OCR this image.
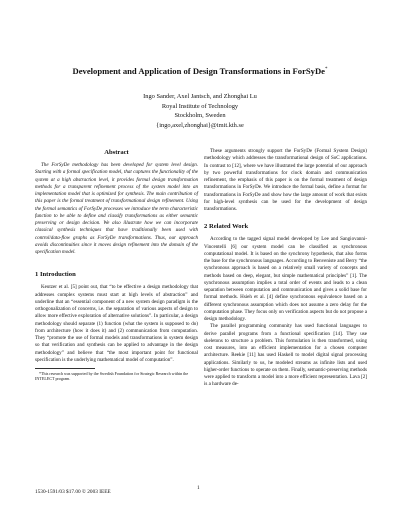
Development and Application of Design Transformations in ForSyDe*
Ingo Sander, Axel Jantsch, and Zhonghai Lu
Royal Institute of Technology
Stockholm, Sweden
{ingo,axel,zhonghai}@imit.kth.se
Abstract

The ForSyDe methodology has been developed for system level design. Starting with a formal specification model, that captures the functionality of the system at a high abstraction level, it provides formal design transformation methods for a transparent refinement process of the system model into an implementation model that is optimized for synthesis. The main contribution of this paper is the formal treatment of transformational design refinement. Using the formal semantics of ForSyDe processes we introduce the term characteristic function to be able to define and classify transformations as either semantic preserving or design decision. We also illustrate how we can incorporate classical synthesis techniques that have traditionally been used with control/data-flow graphs as ForSyDe transformations. Thus, our approach avoids discontinuities since it moves design refinement into the domain of the specification model.

1 Introduction

Keutzer et al. [5] point out, that “to be effective a design methodology that addresses complex systems must start at high levels of abstraction” and underline that an “essential component of a new system design paradigm is the orthogonalization of concerns, i.e. the separation of various aspects of design to allow more effective exploration of alternative solutions”. In particular, a design methodology should separate (1) function (what the system is supposed to do) from architecture (how it does it) and (2) communication from computation. They “promote the use of formal models and transformations in system design so that verification and synthesis can be applied to advantage in the design methodology” and believe that “the most important point for functional specification is the underlying mathematical model of computation”.

*This research was supported by the Swedish Foundation for Strategic Research within the INTELECT program.

These arguments strongly support the ForSyDe (Formal System Design) methodology which addresses the transformational design of SoC applications. In contrast to [12], where we have illustrated the large potential of our approach by two powerful transformations for clock domain and communication refinement, the emphasis of this paper is on the formal treatment of design transformations in ForSyDe. We introduce the formal basis, define a format for transformations in ForSyDe and show how the large amount of work that exists for high-level synthesis can be used for the development of design transformations.

2 Related Work

According to the tagged signal model developed by Lee and Sangiovanni-Vincentelli [6] our system model can be classified as synchronous computational model. It is based on the synchrony hypothesis, that also forms the base for the synchronous languages. According to Benveniste and Berry “the synchronous approach is based on a relatively small variety of concepts and methods based on deep, elegant, but simple mathematical principles” [1]. The synchronous assumption implies a total order of events and leads to a clean separation between computation and communication and gives a solid base for formal methods. Hsieh et al. [4] define synchronous equivalence based on a different synchronous assumption which does not assume a zero delay for the computation phase. They focus only on verification aspects but do not propose a design methodology.

The parallel programming community has used functional languages to derive parallel programs from a functional specification [14]. They use skeletons to structure a problem. This formulation is then transformed, using cost measures, into an efficient implementation for a chosen computer architecture. Reekie [11] has used Haskell to model digital signal processing applications. Similarly to us, he modeled streams as infinite lists and used higher-order functions to operate on them. Finally, semantic-preserving methods were applied to transform a model into a more efficient representation. Lava [2] is a hardware de-

1530-1591/03 $17.00 © 2003 IEEE
1
